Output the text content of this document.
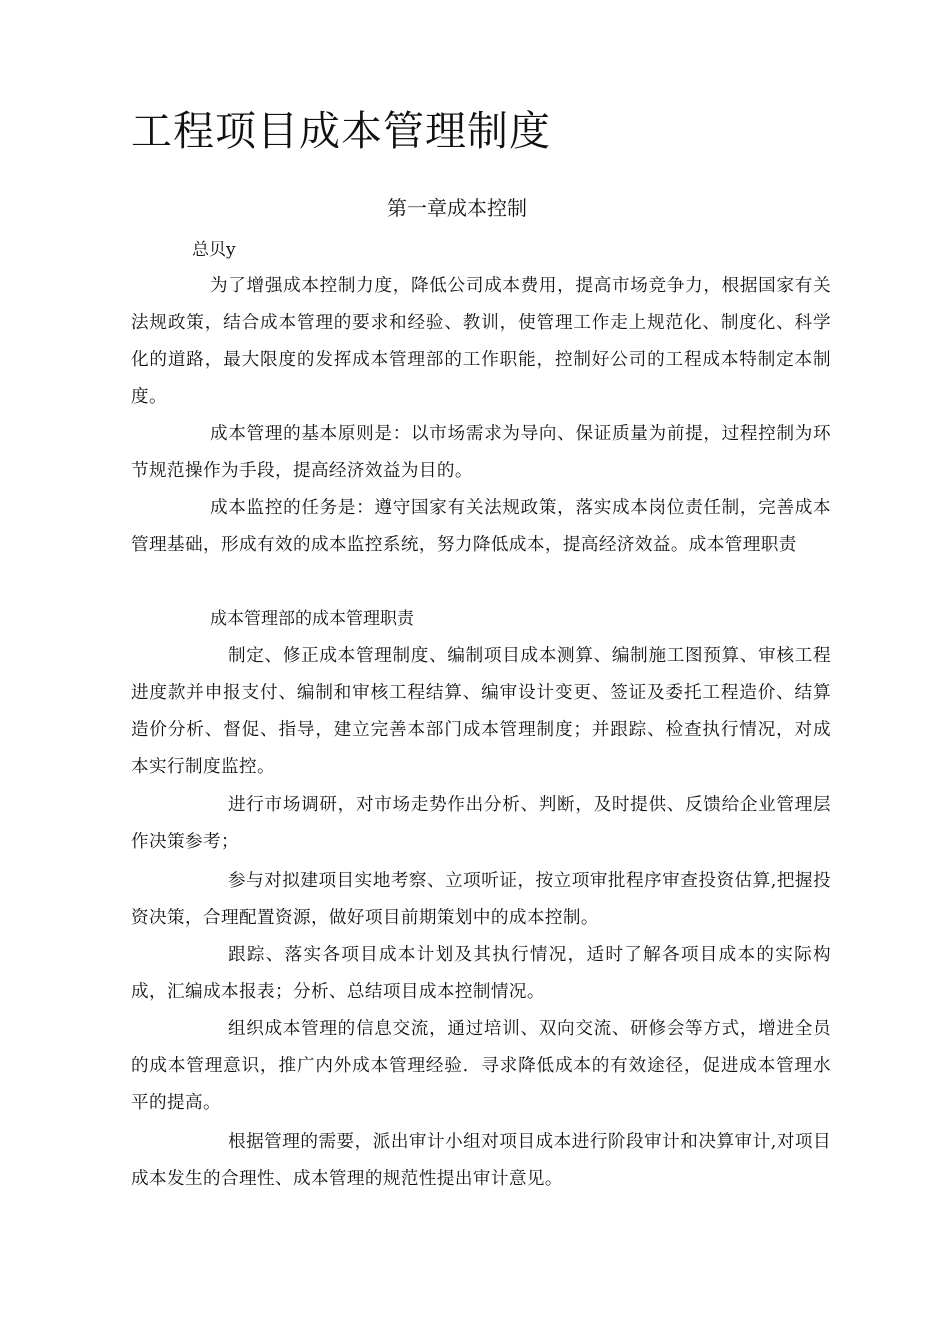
工程项目成本管理制度
第一章成本控制
总贝y

为了增强成本控制力度，降低公司成本费用，提高市场竞争力，根据国家有关法规政策，结合成本管理的要求和经验、教训，使管理工作走上规范化、制度化、科学化的道路，最大限度的发挥成本管理部的工作职能，控制好公司的工程成本特制定本制度。

成本管理的基本原则是：以市场需求为导向、保证质量为前提，过程控制为环节规范操作为手段，提高经济效益为目的。

成本监控的任务是：遵守国家有关法规政策，落实成本岗位责任制，完善成本管理基础，形成有效的成本监控系统，努力降低成本，提高经济效益。成本管理职责

成本管理部的成本管理职责

制定、修正成本管理制度、编制项目成本测算、编制施工图预算、审核工程进度款并申报支付、编制和审核工程结算、编审设计变更、签证及委托工程造价、结算造价分析、督促、指导，建立完善本部门成本管理制度；并跟踪、检查执行情况，对成本实行制度监控。

进行市场调研，对市场走势作出分析、判断，及时提供、反馈给企业管理层作决策参考；

参与对拟建项目实地考察、立项听证，按立项审批程序审查投资估算,把握投资决策，合理配置资源，做好项目前期策划中的成本控制。

跟踪、落实各项目成本计划及其执行情况，适时了解各项目成本的实际构成，汇编成本报表；分析、总结项目成本控制情况。

组织成本管理的信息交流，通过培训、双向交流、研修会等方式，增进全员的成本管理意识，推广内外成本管理经验．寻求降低成本的有效途径，促进成本管理水平的提高。

根据管理的需要，派出审计小组对项目成本进行阶段审计和决算审计,对项目成本发生的合理性、成本管理的规范性提出审计意见。
